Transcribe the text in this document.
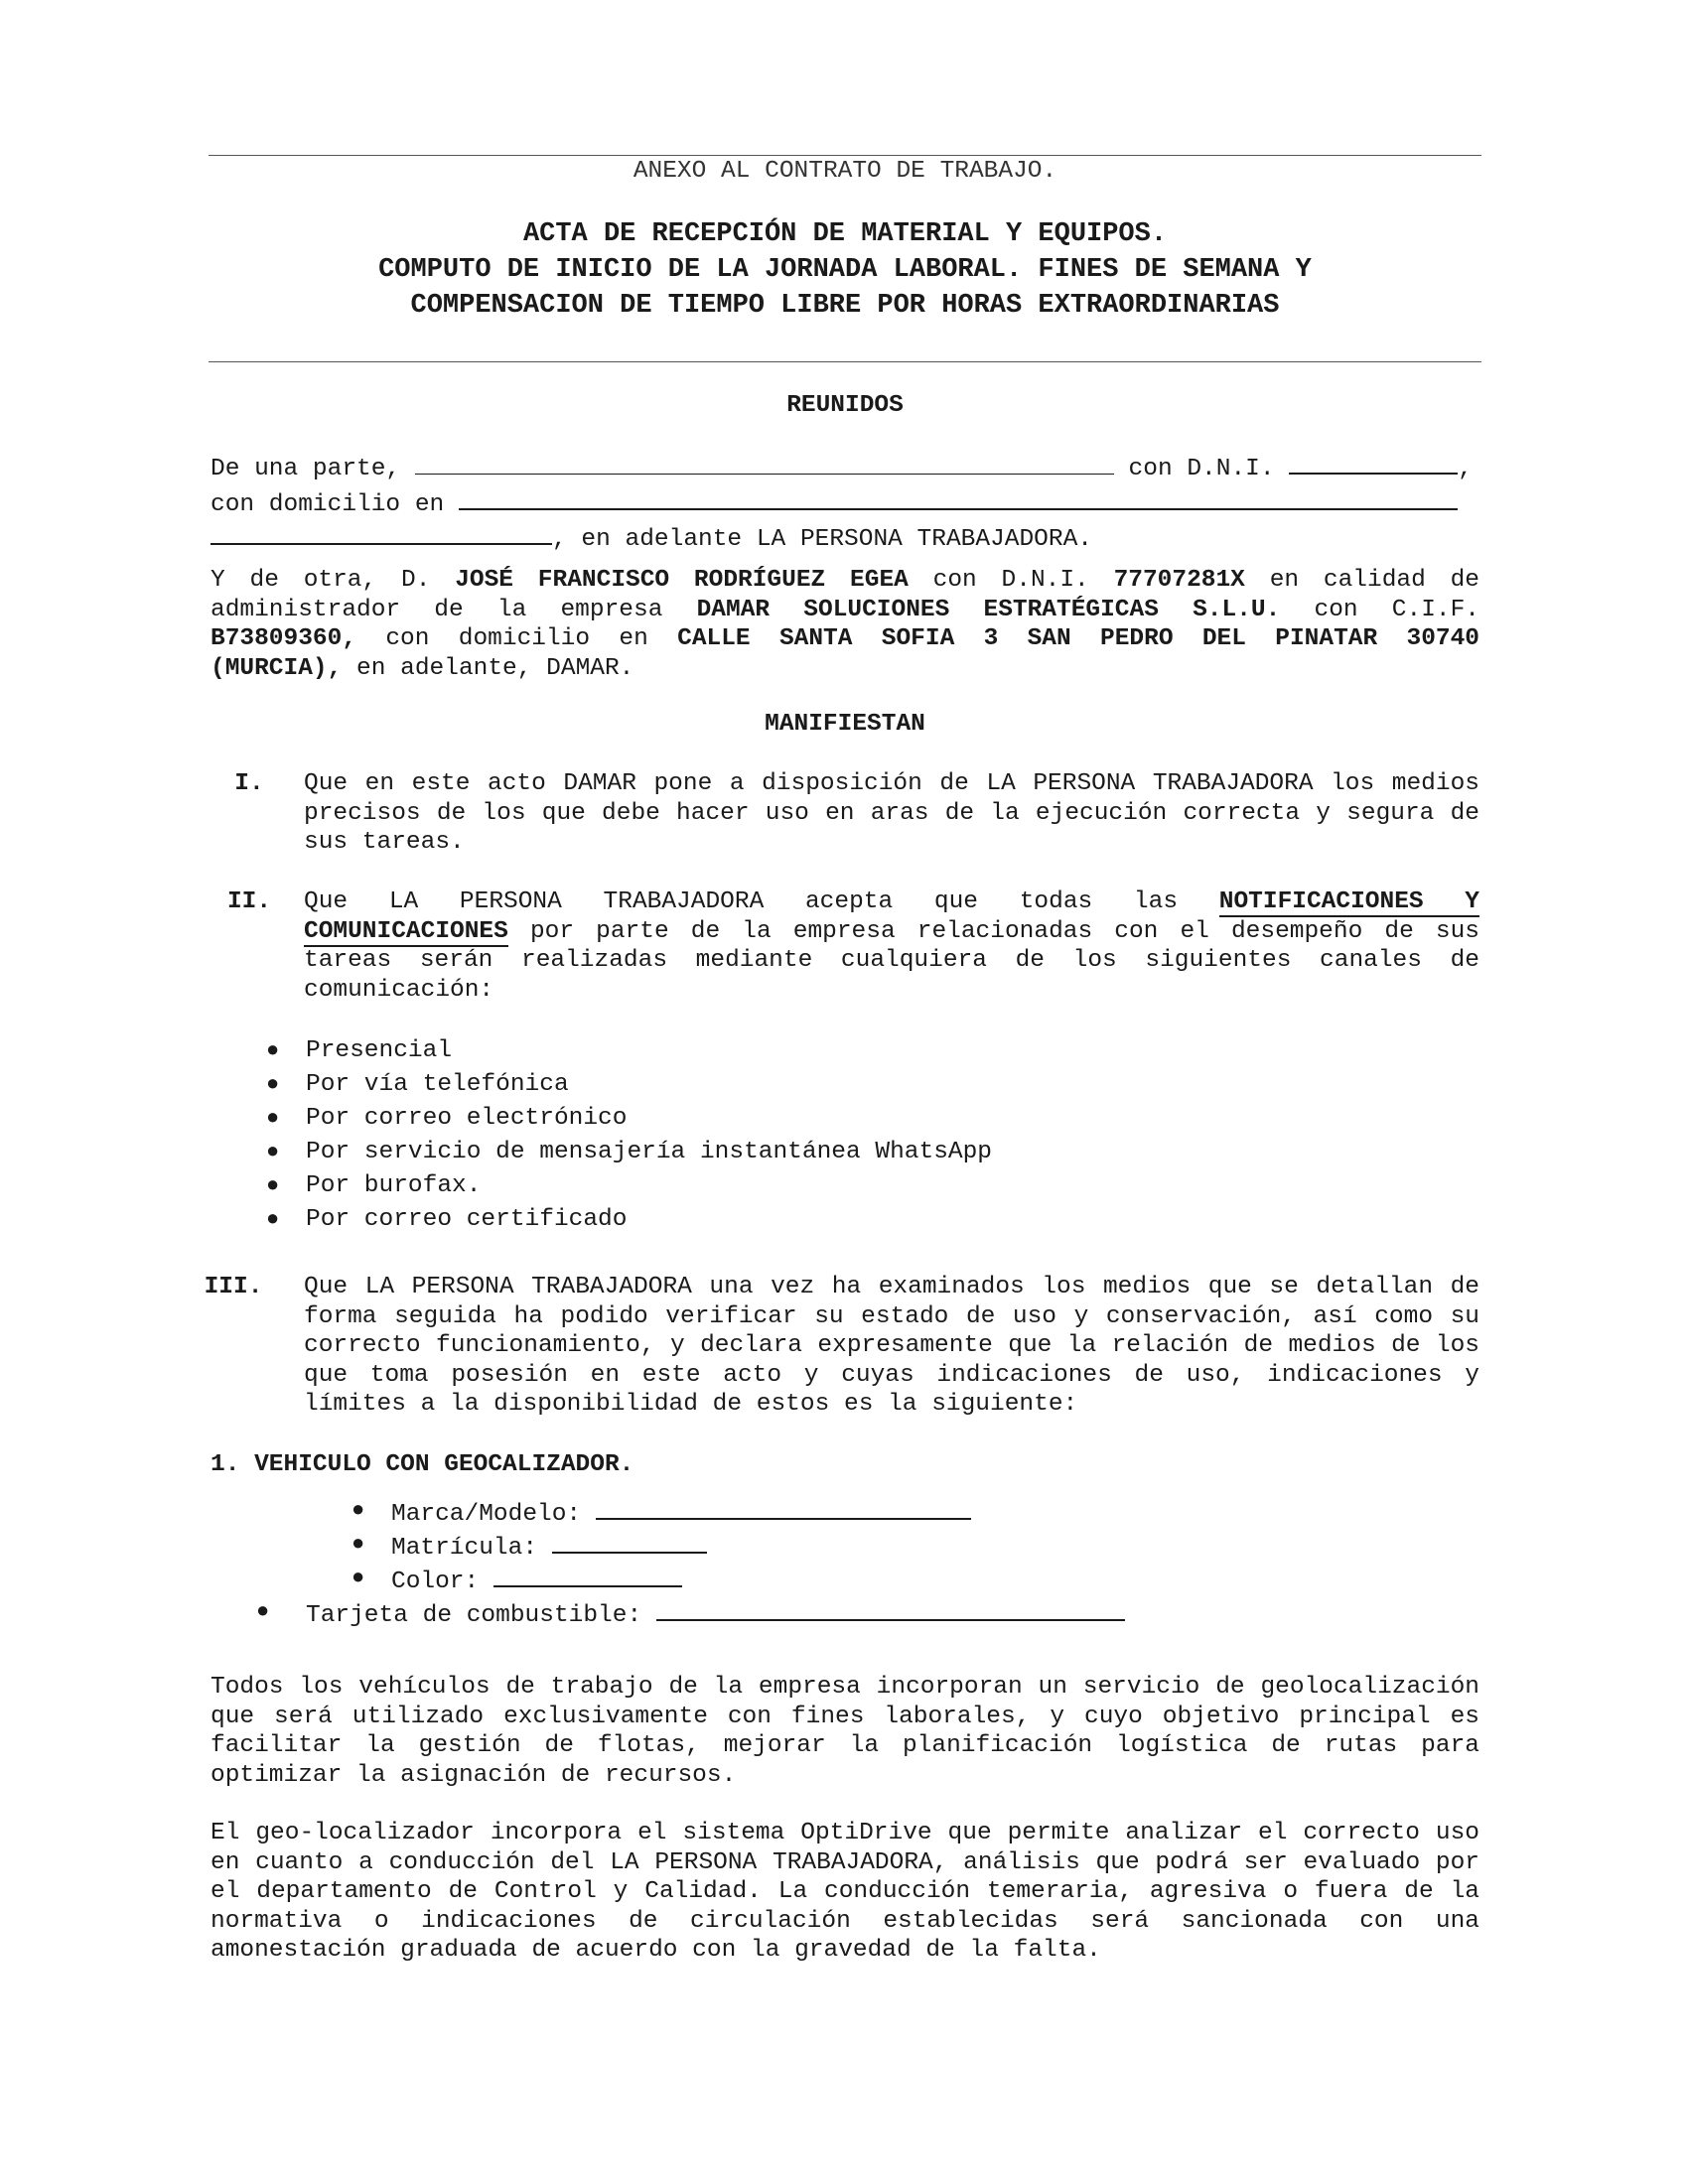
ANEXO AL CONTRATO DE TRABAJO.
ACTA DE RECEPCIÓN DE MATERIAL Y EQUIPOS.
COMPUTO DE INICIO DE LA JORNADA LABORAL. FINES DE SEMANA Y
COMPENSACION DE TIEMPO LIBRE POR HORAS EXTRAORDINARIAS
REUNIDOS
De una parte,	con D.N.I.	,
con domicilio en
, en adelante LA PERSONA TRABAJADORA.
Y de otra, D. JOSÉ FRANCISCO RODRÍGUEZ EGEA con D.N.I. 77707281X en calidad de
administrador de la empresa DAMAR SOLUCIONES ESTRATÉGICAS S.L.U. con C.I.F.
B73809360, con domicilio en CALLE SANTA SOFIA 3 SAN PEDRO DEL PINATAR 30740
(MURCIA), en adelante, DAMAR.
MANIFIESTAN
I.	Que en este acto DAMAR pone a disposición de LA PERSONA TRABAJADORA los medios precisos de los que debe hacer uso en aras de la ejecución correcta y segura de sus tareas.
II.	Que LA PERSONA TRABAJADORA acepta que todas las NOTIFICACIONES Y
COMUNICACIONES por parte de la empresa relacionadas con el desempeño de sus tareas serán realizadas mediante cualquiera de los siguientes canales de comunicación:
● Presencial
● Por vía telefónica
● Por correo electrónico
● Por servicio de mensajería instantánea WhatsApp
● Por burofax.
● Por correo certificado
III.	Que LA PERSONA TRABAJADORA una vez ha examinados los medios que se detallan de forma seguida ha podido verificar su estado de uso y conservación, así como su correcto funcionamiento, y declara expresamente que la relación de medios de los que toma posesión en este acto y cuyas indicaciones de uso, indicaciones y límites a la disponibilidad de estos es la siguiente:
1. VEHICULO CON GEOCALIZADOR.
● Marca/Modelo:
● Matrícula:
● Color:
● Tarjeta de combustible:
Todos los vehículos de trabajo de la empresa incorporan un servicio de geolocalización que será utilizado exclusivamente con fines laborales, y cuyo objetivo principal es facilitar la gestión de flotas, mejorar la planificación logística de rutas para optimizar la asignación de recursos.
El geo-localizador incorpora el sistema OptiDrive que permite analizar el correcto uso en cuanto a conducción del LA PERSONA TRABAJADORA, análisis que podrá ser evaluado por el departamento de Control y Calidad. La conducción temeraria, agresiva o fuera de la normativa o indicaciones de circulación establecidas será sancionada con una amonestación graduada de acuerdo con la gravedad de la falta.
